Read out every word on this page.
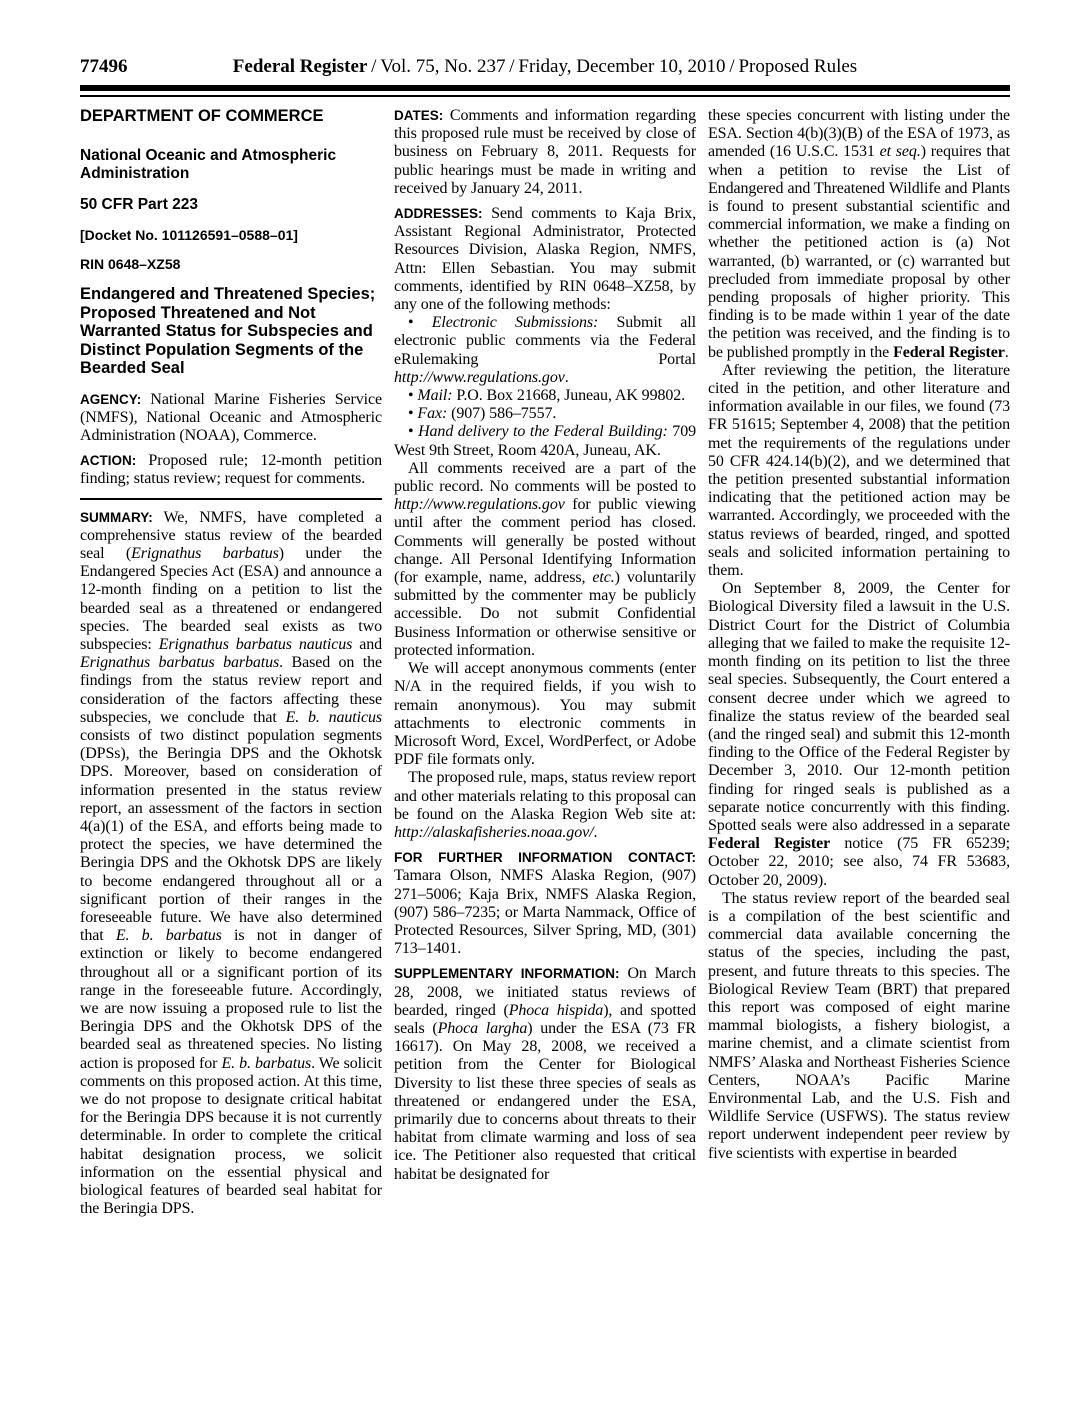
77496	Federal Register / Vol. 75, No. 237 / Friday, December 10, 2010 / Proposed Rules
DEPARTMENT OF COMMERCE
National Oceanic and Atmospheric Administration
50 CFR Part 223
[Docket No. 101126591–0588–01]
RIN 0648–XZ58
Endangered and Threatened Species; Proposed Threatened and Not Warranted Status for Subspecies and Distinct Population Segments of the Bearded Seal
AGENCY: National Marine Fisheries Service (NMFS), National Oceanic and Atmospheric Administration (NOAA), Commerce.
ACTION: Proposed rule; 12-month petition finding; status review; request for comments.
SUMMARY: We, NMFS, have completed a comprehensive status review of the bearded seal (Erignathus barbatus) under the Endangered Species Act (ESA) and announce a 12-month finding on a petition to list the bearded seal as a threatened or endangered species. The bearded seal exists as two subspecies: Erignathus barbatus nauticus and Erignathus barbatus barbatus. Based on the findings from the status review report and consideration of the factors affecting these subspecies, we conclude that E. b. nauticus consists of two distinct population segments (DPSs), the Beringia DPS and the Okhotsk DPS. Moreover, based on consideration of information presented in the status review report, an assessment of the factors in section 4(a)(1) of the ESA, and efforts being made to protect the species, we have determined the Beringia DPS and the Okhotsk DPS are likely to become endangered throughout all or a significant portion of their ranges in the foreseeable future. We have also determined that E. b. barbatus is not in danger of extinction or likely to become endangered throughout all or a significant portion of its range in the foreseeable future. Accordingly, we are now issuing a proposed rule to list the Beringia DPS and the Okhotsk DPS of the bearded seal as threatened species. No listing action is proposed for E. b. barbatus. We solicit comments on this proposed action. At this time, we do not propose to designate critical habitat for the Beringia DPS because it is not currently determinable. In order to complete the critical habitat designation process, we solicit information on the essential physical and biological features of bearded seal habitat for the Beringia DPS.
DATES: Comments and information regarding this proposed rule must be received by close of business on February 8, 2011. Requests for public hearings must be made in writing and received by January 24, 2011.
ADDRESSES: Send comments to Kaja Brix, Assistant Regional Administrator, Protected Resources Division, Alaska Region, NMFS, Attn: Ellen Sebastian. You may submit comments, identified by RIN 0648–XZ58, by any one of the following methods:
• Electronic Submissions: Submit all electronic public comments via the Federal eRulemaking Portal http://www.regulations.gov.
• Mail: P.O. Box 21668, Juneau, AK 99802.
• Fax: (907) 586–7557.
• Hand delivery to the Federal Building: 709 West 9th Street, Room 420A, Juneau, AK.
All comments received are a part of the public record. No comments will be posted to http://www.regulations.gov for public viewing until after the comment period has closed. Comments will generally be posted without change. All Personal Identifying Information (for example, name, address, etc.) voluntarily submitted by the commenter may be publicly accessible. Do not submit Confidential Business Information or otherwise sensitive or protected information.
We will accept anonymous comments (enter N/A in the required fields, if you wish to remain anonymous). You may submit attachments to electronic comments in Microsoft Word, Excel, WordPerfect, or Adobe PDF file formats only.
The proposed rule, maps, status review report and other materials relating to this proposal can be found on the Alaska Region Web site at: http://alaskafisheries.noaa.gov/.
FOR FURTHER INFORMATION CONTACT: Tamara Olson, NMFS Alaska Region, (907) 271–5006; Kaja Brix, NMFS Alaska Region, (907) 586–7235; or Marta Nammack, Office of Protected Resources, Silver Spring, MD, (301) 713–1401.
SUPPLEMENTARY INFORMATION: On March 28, 2008, we initiated status reviews of bearded, ringed (Phoca hispida), and spotted seals (Phoca largha) under the ESA (73 FR 16617). On May 28, 2008, we received a petition from the Center for Biological Diversity to list these three species of seals as threatened or endangered under the ESA, primarily due to concerns about threats to their habitat from climate warming and loss of sea ice. The Petitioner also requested that critical habitat be designated for
these species concurrent with listing under the ESA. Section 4(b)(3)(B) of the ESA of 1973, as amended (16 U.S.C. 1531 et seq.) requires that when a petition to revise the List of Endangered and Threatened Wildlife and Plants is found to present substantial scientific and commercial information, we make a finding on whether the petitioned action is (a) Not warranted, (b) warranted, or (c) warranted but precluded from immediate proposal by other pending proposals of higher priority. This finding is to be made within 1 year of the date the petition was received, and the finding is to be published promptly in the Federal Register.
After reviewing the petition, the literature cited in the petition, and other literature and information available in our files, we found (73 FR 51615; September 4, 2008) that the petition met the requirements of the regulations under 50 CFR 424.14(b)(2), and we determined that the petition presented substantial information indicating that the petitioned action may be warranted. Accordingly, we proceeded with the status reviews of bearded, ringed, and spotted seals and solicited information pertaining to them.
On September 8, 2009, the Center for Biological Diversity filed a lawsuit in the U.S. District Court for the District of Columbia alleging that we failed to make the requisite 12-month finding on its petition to list the three seal species. Subsequently, the Court entered a consent decree under which we agreed to finalize the status review of the bearded seal (and the ringed seal) and submit this 12-month finding to the Office of the Federal Register by December 3, 2010. Our 12-month petition finding for ringed seals is published as a separate notice concurrently with this finding. Spotted seals were also addressed in a separate Federal Register notice (75 FR 65239; October 22, 2010; see also, 74 FR 53683, October 20, 2009).
The status review report of the bearded seal is a compilation of the best scientific and commercial data available concerning the status of the species, including the past, present, and future threats to this species. The Biological Review Team (BRT) that prepared this report was composed of eight marine mammal biologists, a fishery biologist, a marine chemist, and a climate scientist from NMFS’ Alaska and Northeast Fisheries Science Centers, NOAA’s Pacific Marine Environmental Lab, and the U.S. Fish and Wildlife Service (USFWS). The status review report underwent independent peer review by five scientists with expertise in bearded
